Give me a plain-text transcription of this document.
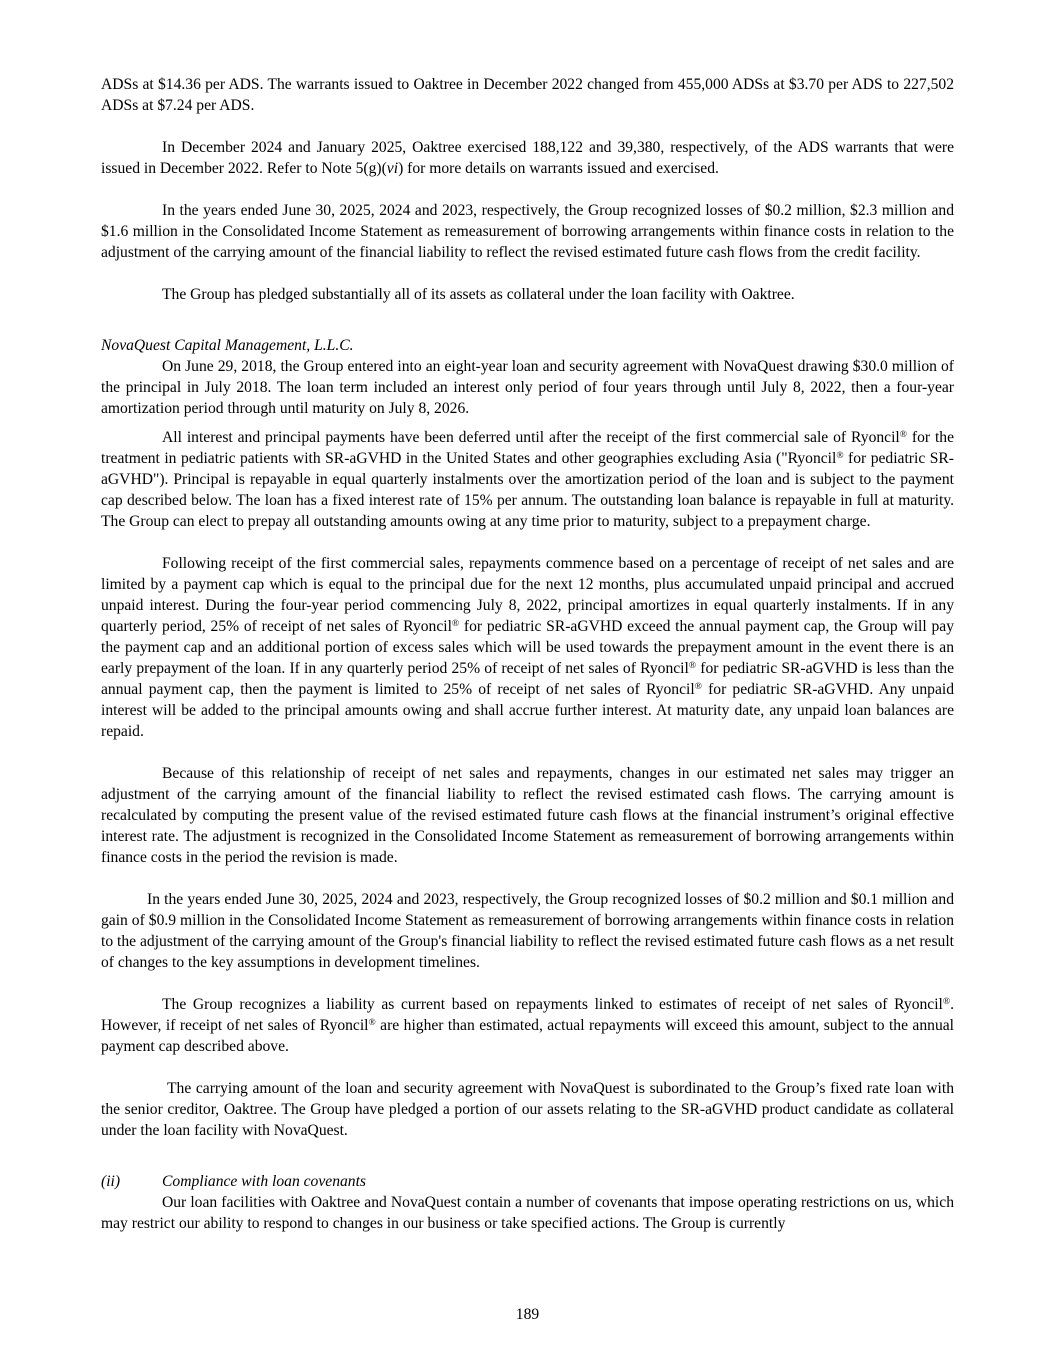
ADSs at $14.36 per ADS. The warrants issued to Oaktree in December 2022 changed from 455,000 ADSs at $3.70 per ADS to 227,502 ADSs at $7.24 per ADS.

In December 2024 and January 2025, Oaktree exercised 188,122 and 39,380, respectively, of the ADS warrants that were issued in December 2022. Refer to Note 5(g)(vi) for more details on warrants issued and exercised.

In the years ended June 30, 2025, 2024 and 2023, respectively, the Group recognized losses of $0.2 million, $2.3 million and $1.6 million in the Consolidated Income Statement as remeasurement of borrowing arrangements within finance costs in relation to the adjustment of the carrying amount of the financial liability to reflect the revised estimated future cash flows from the credit facility.

The Group has pledged substantially all of its assets as collateral under the loan facility with Oaktree.

NovaQuest Capital Management, L.L.C.

On June 29, 2018, the Group entered into an eight-year loan and security agreement with NovaQuest drawing $30.0 million of the principal in July 2018. The loan term included an interest only period of four years through until July 8, 2022, then a four-year amortization period through until maturity on July 8, 2026.

All interest and principal payments have been deferred until after the receipt of the first commercial sale of Ryoncil® for the treatment in pediatric patients with SR-aGVHD in the United States and other geographies excluding Asia ("Ryoncil® for pediatric SR-aGVHD"). Principal is repayable in equal quarterly instalments over the amortization period of the loan and is subject to the payment cap described below. The loan has a fixed interest rate of 15% per annum. The outstanding loan balance is repayable in full at maturity. The Group can elect to prepay all outstanding amounts owing at any time prior to maturity, subject to a prepayment charge.

Following receipt of the first commercial sales, repayments commence based on a percentage of receipt of net sales and are limited by a payment cap which is equal to the principal due for the next 12 months, plus accumulated unpaid principal and accrued unpaid interest. During the four-year period commencing July 8, 2022, principal amortizes in equal quarterly instalments. If in any quarterly period, 25% of receipt of net sales of Ryoncil® for pediatric SR-aGVHD exceed the annual payment cap, the Group will pay the payment cap and an additional portion of excess sales which will be used towards the prepayment amount in the event there is an early prepayment of the loan. If in any quarterly period 25% of receipt of net sales of Ryoncil® for pediatric SR-aGVHD is less than the annual payment cap, then the payment is limited to 25% of receipt of net sales of Ryoncil® for pediatric SR-aGVHD. Any unpaid interest will be added to the principal amounts owing and shall accrue further interest. At maturity date, any unpaid loan balances are repaid.

Because of this relationship of receipt of net sales and repayments, changes in our estimated net sales may trigger an adjustment of the carrying amount of the financial liability to reflect the revised estimated cash flows. The carrying amount is recalculated by computing the present value of the revised estimated future cash flows at the financial instrument’s original effective interest rate. The adjustment is recognized in the Consolidated Income Statement as remeasurement of borrowing arrangements within finance costs in the period the revision is made.

In the years ended June 30, 2025, 2024 and 2023, respectively, the Group recognized losses of $0.2 million and $0.1 million and gain of $0.9 million in the Consolidated Income Statement as remeasurement of borrowing arrangements within finance costs in relation to the adjustment of the carrying amount of the Group's financial liability to reflect the revised estimated future cash flows as a net result of changes to the key assumptions in development timelines.

The Group recognizes a liability as current based on repayments linked to estimates of receipt of net sales of Ryoncil®. However, if receipt of net sales of Ryoncil® are higher than estimated, actual repayments will exceed this amount, subject to the annual payment cap described above.

The carrying amount of the loan and security agreement with NovaQuest is subordinated to the Group’s fixed rate loan with the senior creditor, Oaktree. The Group have pledged a portion of our assets relating to the SR-aGVHD product candidate as collateral under the loan facility with NovaQuest.

(ii)	Compliance with loan covenants

Our loan facilities with Oaktree and NovaQuest contain a number of covenants that impose operating restrictions on us, which may restrict our ability to respond to changes in our business or take specified actions. The Group is currently

189
